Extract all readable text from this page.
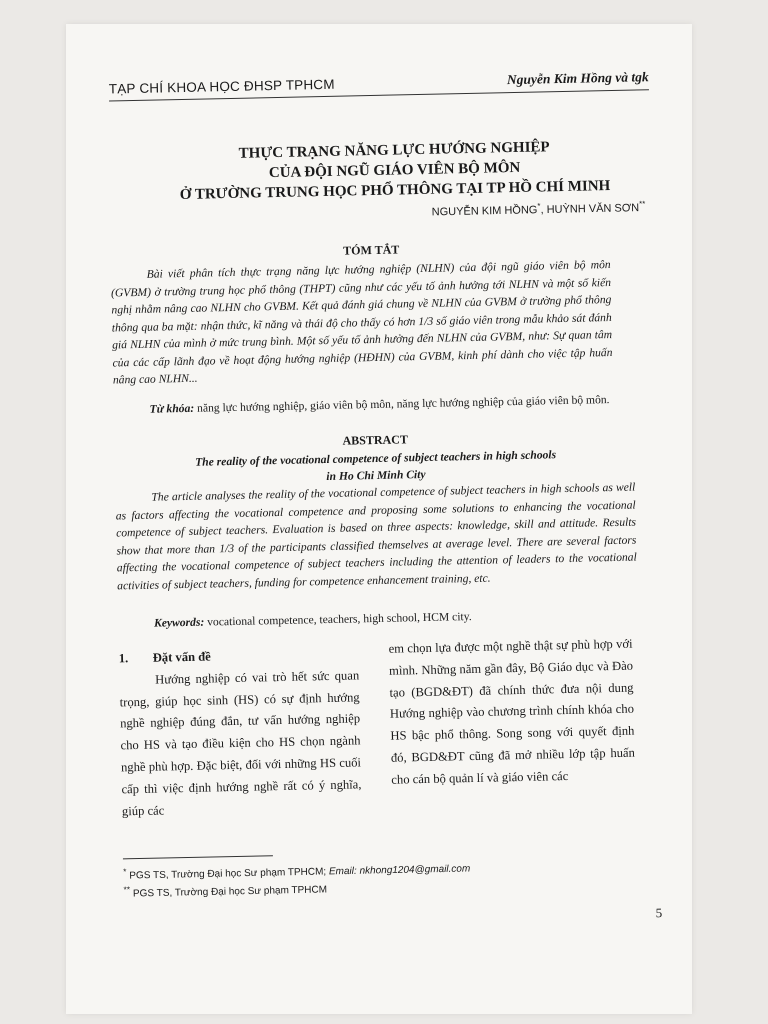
TẠP CHÍ KHOA HỌC ĐHSP TPHCM	Nguyễn Kim Hồng và tgk
THỰC TRẠNG NĂNG LỰC HƯỚNG NGHIỆP
CỦA ĐỘI NGŨ GIÁO VIÊN BỘ MÔN
Ở TRƯỜNG TRUNG HỌC PHỔ THÔNG TẠI TP HỒ CHÍ MINH
NGUYỄN KIM HỒNG*, HUỲNH VĂN SƠN**
TÓM TẮT
Bài viết phân tích thực trạng năng lực hướng nghiệp (NLHN) của đội ngũ giáo viên bộ môn (GVBM) ở trường trung học phổ thông (THPT) cũng như các yếu tố ảnh hưởng tới NLHN và một số kiến nghị nhằm nâng cao NLHN cho GVBM. Kết quả đánh giá chung về NLHN của GVBM ở trường phổ thông thông qua ba mặt: nhận thức, kĩ năng và thái độ cho thấy có hơn 1/3 số giáo viên trong mẫu khảo sát đánh giá NLHN của mình ở mức trung bình. Một số yếu tố ảnh hưởng đến NLHN của GVBM, như: Sự quan tâm của các cấp lãnh đạo về hoạt động hướng nghiệp (HĐHN) của GVBM, kinh phí dành cho việc tập huấn nâng cao NLHN...
Từ khóa: năng lực hướng nghiệp, giáo viên bộ môn, năng lực hướng nghiệp của giáo viên bộ môn.
ABSTRACT
The reality of the vocational competence of subject teachers in high schools
in Ho Chi Minh City
The article analyses the reality of the vocational competence of subject teachers in high schools as well as factors affecting the vocational competence and proposing some solutions to enhancing the vocational competence of subject teachers. Evaluation is based on three aspects: knowledge, skill and attitude. Results show that more than 1/3 of the participants classified themselves at average level. There are several factors affecting the vocational competence of subject teachers including the attention of leaders to the vocational activities of subject teachers, funding for competence enhancement training, etc.
Keywords: vocational competence, teachers, high school, HCM city.
1. Đặt vấn đề
Hướng nghiệp có vai trò hết sức quan trọng, giúp học sinh (HS) có sự định hướng nghề nghiệp đúng đắn, tư vấn hướng nghiệp cho HS và tạo điều kiện cho HS chọn ngành nghề phù hợp. Đặc biệt, đối với những HS cuối cấp thì việc định hướng nghề rất có ý nghĩa, giúp các
em chọn lựa được một nghề thật sự phù hợp với mình. Những năm gần đây, Bộ Giáo dục và Đào tạo (BGD&ĐT) đã chính thức đưa nội dung Hướng nghiệp vào chương trình chính khóa cho HS bậc phổ thông. Song song với quyết định đó, BGD&ĐT cũng đã mở nhiều lớp tập huấn cho cán bộ quản lí và giáo viên các
* PGS TS, Trường Đại học Sư phạm TPHCM; Email: nkhong1204@gmail.com
** PGS TS, Trường Đại học Sư phạm TPHCM
5
